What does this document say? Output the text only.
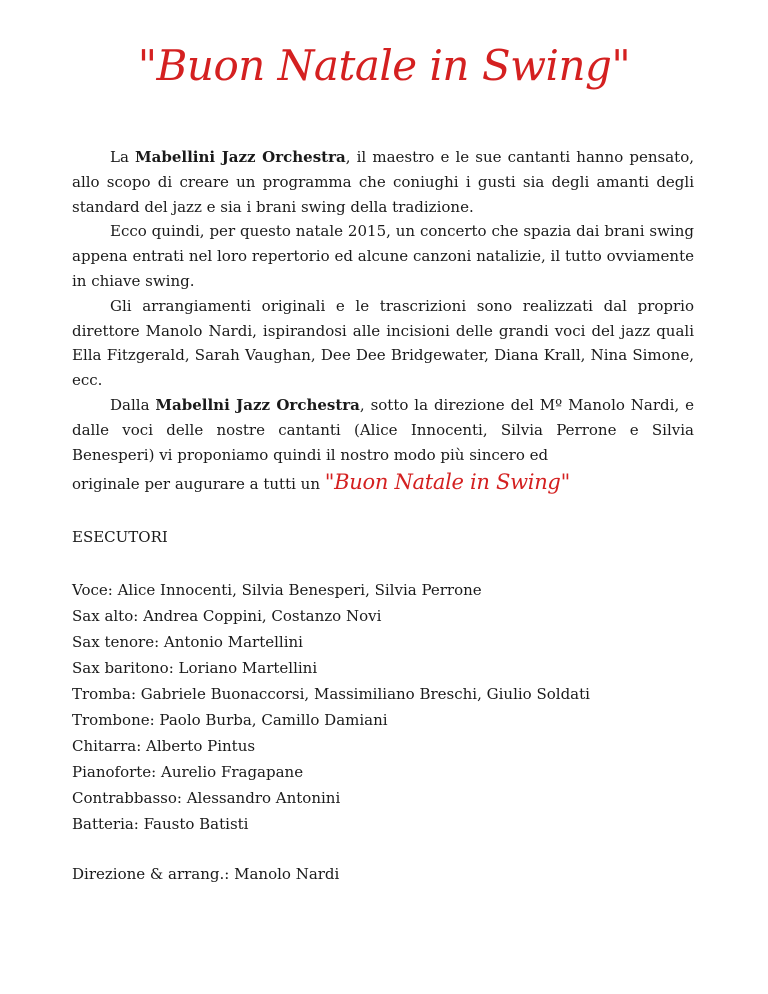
"Buon Natale in Swing"

La Mabellini Jazz Orchestra, il maestro e le sue cantanti hanno pensato, allo scopo di creare un programma che coniughi i gusti sia degli amanti degli standard del jazz e sia i brani swing della tradizione.

Ecco quindi, per questo natale 2015, un concerto che spazia dai brani swing appena entrati nel loro repertorio ed alcune canzoni natalizie, il tutto ovviamente in chiave swing.

Gli arrangiamenti originali e le trascrizioni sono realizzati dal proprio direttore Manolo Nardi, ispirandosi alle incisioni delle grandi voci del jazz quali Ella Fitzgerald, Sarah Vaughan, Dee Dee Bridgewater, Diana Krall, Nina Simone, ecc.

Dalla Mabellni Jazz Orchestra, sotto la direzione del Mº Manolo Nardi, e dalle voci delle nostre cantanti (Alice Innocenti, Silvia Perrone e Silvia Benesperi) vi proponiamo quindi il nostro modo più sincero ed

originale per augurare a tutti un "Buon Natale in Swing"

ESECUTORI

Voce: Alice Innocenti, Silvia Benesperi, Silvia Perrone
Sax alto: Andrea Coppini, Costanzo Novi
Sax tenore: Antonio Martellini
Sax baritono: Loriano Martellini
Tromba: Gabriele Buonaccorsi, Massimiliano Breschi, Giulio Soldati
Trombone: Paolo Burba, Camillo Damiani
Chitarra: Alberto Pintus
Pianoforte: Aurelio Fragapane
Contrabbasso: Alessandro Antonini
Batteria: Fausto Batisti

Direzione & arrang.: Manolo Nardi
